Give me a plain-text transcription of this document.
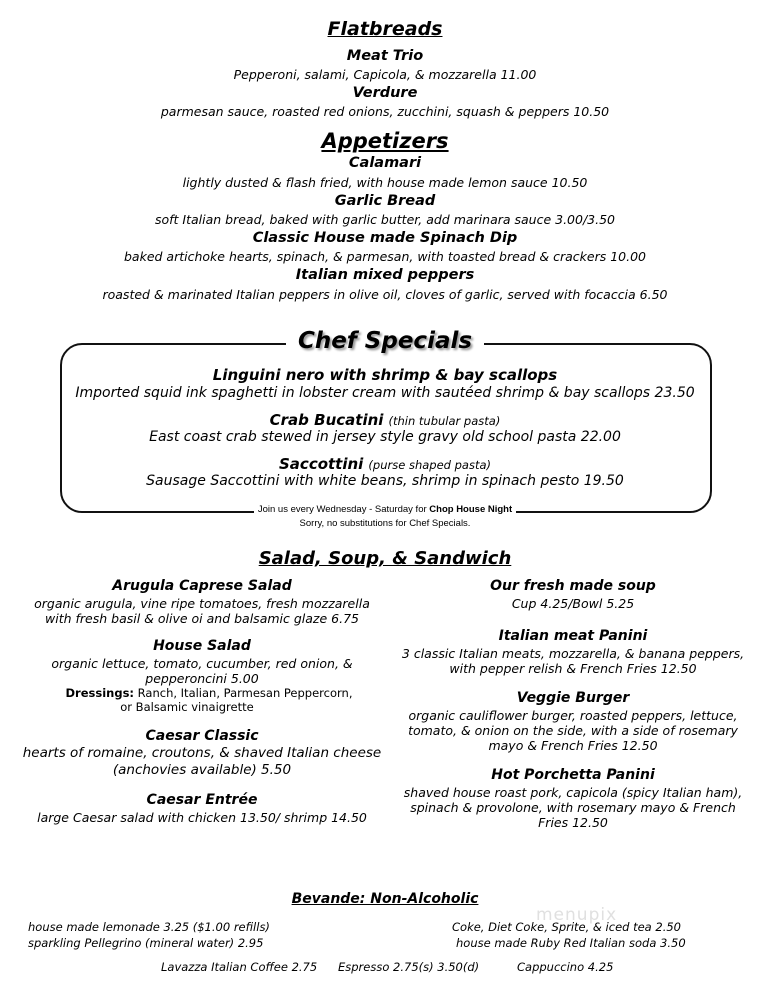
Flatbreads
Meat Trio
Pepperoni, salami, Capicola, & mozzarella 11.00
Verdure
parmesan sauce, roasted red onions, zucchini, squash & peppers 10.50
Appetizers
Calamari
lightly dusted & flash fried, with house made lemon sauce 10.50
Garlic Bread
soft Italian bread, baked with garlic butter, add marinara sauce 3.00/3.50
Classic House made Spinach Dip
baked artichoke hearts, spinach, & parmesan, with toasted bread & crackers 10.00
Italian mixed peppers
roasted & marinated Italian peppers in olive oil, cloves of garlic, served with focaccia 6.50
Chef Specials
Linguini nero with shrimp & bay scallops
Imported squid ink spaghetti in lobster cream with sautéed shrimp & bay scallops 23.50
Crab Bucatini (thin tubular pasta)
East coast crab stewed in jersey style gravy old school pasta 22.00
Saccottini (purse shaped pasta)
Sausage Saccottini with white beans, shrimp in spinach pesto 19.50
Join us every Wednesday - Saturday for Chop House Night
Sorry, no substitutions for Chef Specials.
Salad, Soup, & Sandwich
Arugula Caprese Salad
organic arugula, vine ripe tomatoes, fresh mozzarella with fresh basil & olive oi and balsamic glaze 6.75
House Salad
organic lettuce, tomato, cucumber, red onion, & pepperoncini 5.00
Dressings: Ranch, Italian, Parmesan Peppercorn,
or Balsamic vinaigrette
Caesar Classic
hearts of romaine, croutons, & shaved Italian cheese (anchovies available) 5.50
Caesar Entrée
large Caesar salad with chicken 13.50/ shrimp 14.50
Our fresh made soup
Cup 4.25/Bowl 5.25
Italian meat Panini
3 classic Italian meats, mozzarella, & banana peppers, with pepper relish & French Fries 12.50
Veggie Burger
organic cauliflower burger, roasted peppers, lettuce, tomato, & onion on the side, with a side of rosemary mayo & French Fries 12.50
Hot Porchetta Panini
shaved house roast pork, capicola (spicy Italian ham), spinach & provolone, with rosemary mayo & French Fries 12.50
Bevande: Non-Alcoholic
house made lemonade 3.25 ($1.00 refills)
sparkling Pellegrino (mineral water) 2.95
Coke, Diet Coke, Sprite, & iced tea 2.50
house made Ruby Red Italian soda 3.50
Lavazza Italian Coffee 2.75 Espresso 2.75(s) 3.50(d)	Cappuccino 4.25
menupix
